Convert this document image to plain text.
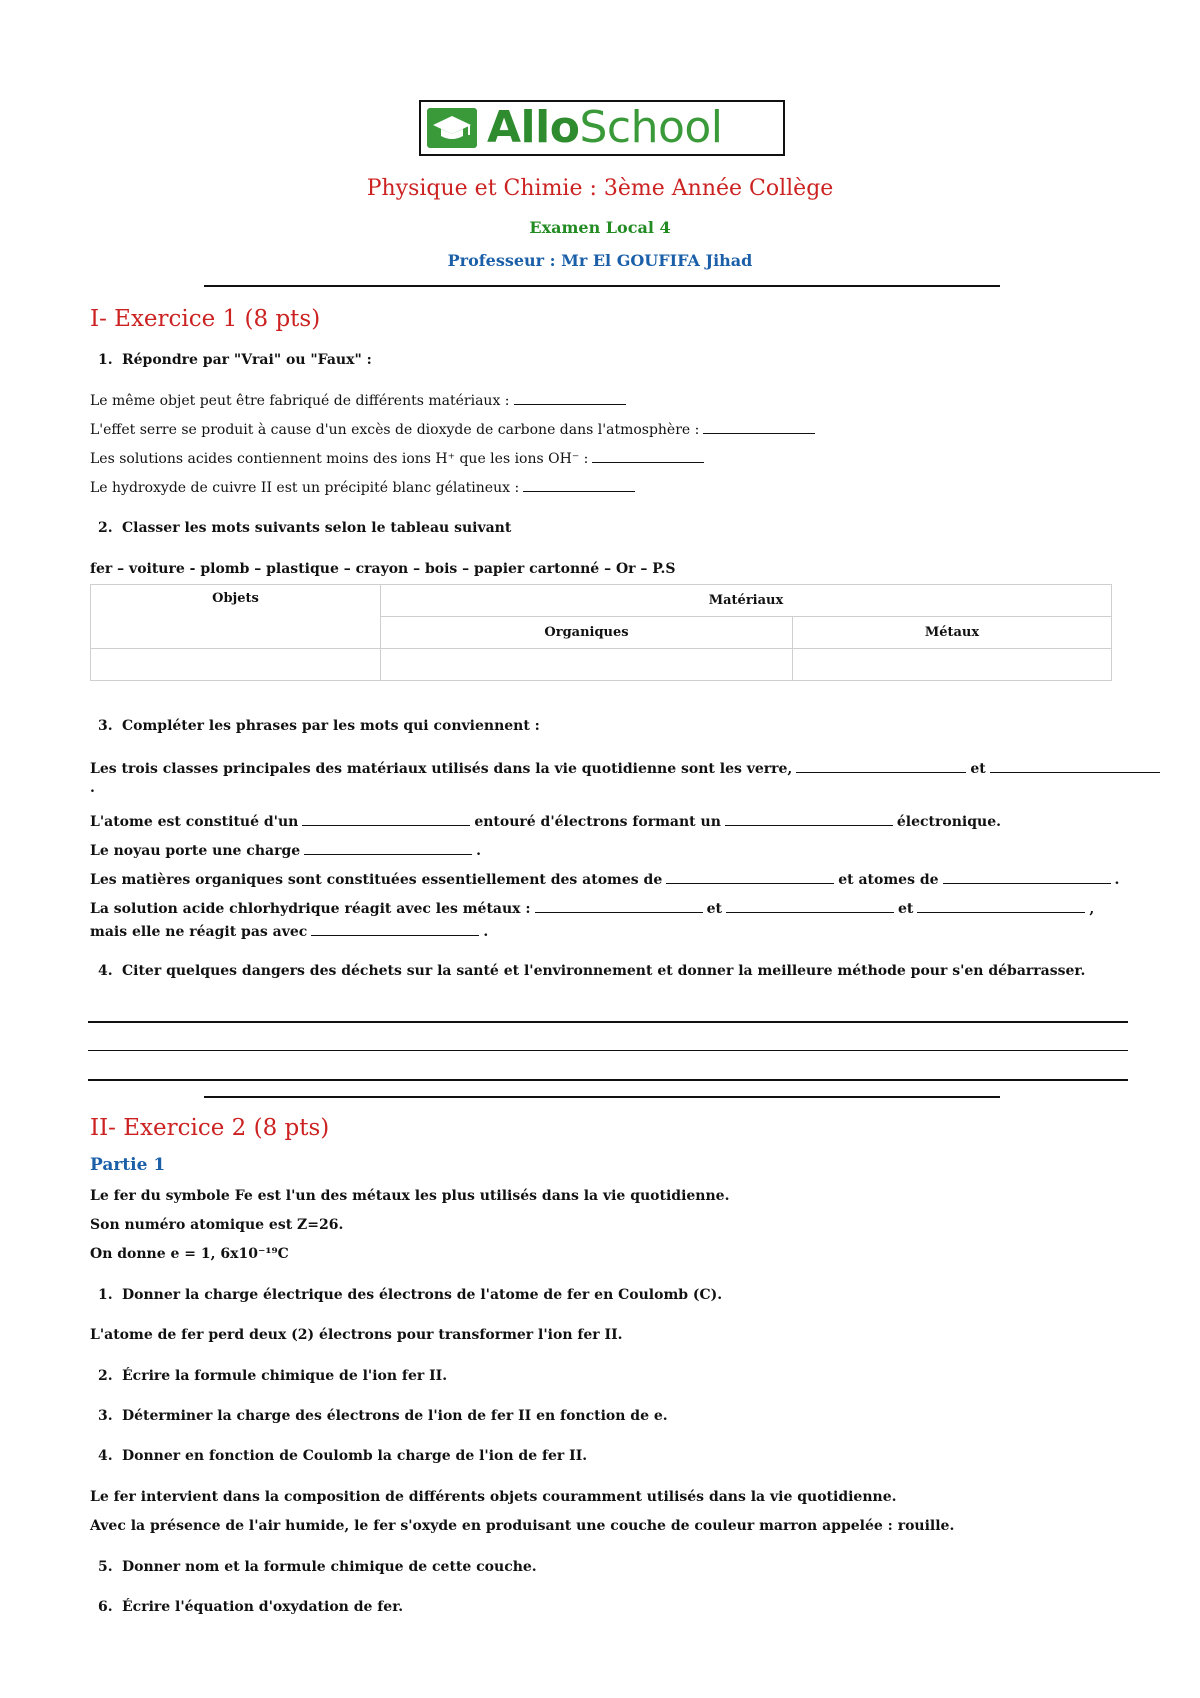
AlloSchool
Physique et Chimie : 3ème Année Collège
Examen Local 4
Professeur : Mr El GOUFIFA Jihad
I- Exercice 1 (8 pts)
1. Répondre par "Vrai" ou "Faux" :
Le même objet peut être fabriqué de différents matériaux :
L'effet serre se produit à cause d'un excès de dioxyde de carbone dans l'atmosphère :
Les solutions acides contiennent moins des ions H⁺ que les ions OH⁻ :
Le hydroxyde de cuivre II est un précipité blanc gélatineux :
2. Classer les mots suivants selon le tableau suivant
fer – voiture - plomb – plastique – crayon – bois – papier cartonné – Or – P.S
Objets	Matériaux	
	Organiques	Métaux

3. Compléter les phrases par les mots qui conviennent :
Les trois classes principales des matériaux utilisés dans la vie quotidienne sont les verre,	et
.
L'atome est constitué d'un	entouré d'électrons formant un	électronique.
Le noyau porte une charge	.
Les matières organiques sont constituées essentiellement des atomes de	et atomes de	.
La solution acide chlorhydrique réagit avec les métaux :	et	et	,
mais elle ne réagit pas avec	.
4. Citer quelques dangers des déchets sur la santé et l'environnement et donner la meilleure méthode pour s'en débarrasser.
II- Exercice 2 (8 pts)
Partie 1
Le fer du symbole Fe est l'un des métaux les plus utilisés dans la vie quotidienne.
Son numéro atomique est Z=26.
On donne e = 1, 6x10⁻¹⁹C
1. Donner la charge électrique des électrons de l'atome de fer en Coulomb (C).
L'atome de fer perd deux (2) électrons pour transformer l'ion fer II.
2. Écrire la formule chimique de l'ion fer II.
3. Déterminer la charge des électrons de l'ion de fer II en fonction de e.
4. Donner en fonction de Coulomb la charge de l'ion de fer II.
Le fer intervient dans la composition de différents objets couramment utilisés dans la vie quotidienne.
Avec la présence de l'air humide, le fer s'oxyde en produisant une couche de couleur marron appelée : rouille.
5. Donner nom et la formule chimique de cette couche.
6. Écrire l'équation d'oxydation de fer.
